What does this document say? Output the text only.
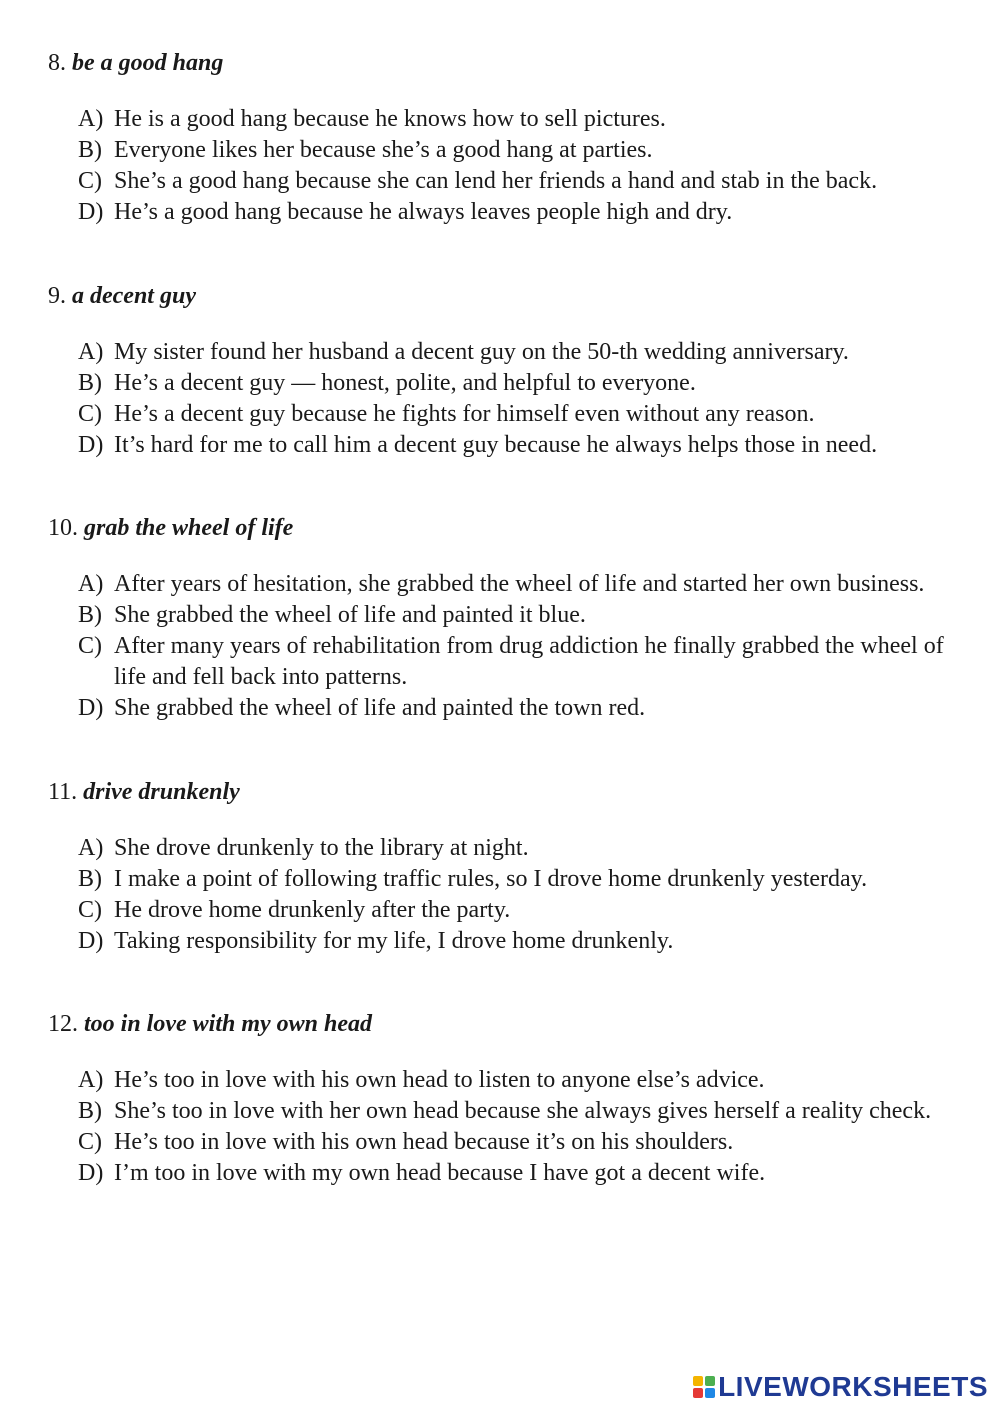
8. be a good hang

A) He is a good hang because he knows how to sell pictures.
B) Everyone likes her because she’s a good hang at parties.
C) She’s a good hang because she can lend her friends a hand and stab in the back.
D) He’s a good hang because he always leaves people high and dry.

9. a decent guy

A) My sister found her husband a decent guy on the 50-th wedding anniversary.
B) He’s a decent guy — honest, polite, and helpful to everyone.
C) He’s a decent guy because he fights for himself even without any reason.
D) It’s hard for me to call him a decent guy because he always helps those in need.

10. grab the wheel of life

A) After years of hesitation, she grabbed the wheel of life and started her own business.
B) She grabbed the wheel of life and painted it blue.
C) After many years of rehabilitation from drug addiction he finally grabbed the wheel of life and fell back into patterns.
D) She grabbed the wheel of life and painted the town red.

11. drive drunkenly

A) She drove drunkenly to the library at night.
B) I make a point of following traffic rules, so I drove home drunkenly yesterday.
C) He drove home drunkenly after the party.
D) Taking responsibility for my life, I drove home drunkenly.

12. too in love with my own head

A) He’s too in love with his own head to listen to anyone else’s advice.
B) She’s too in love with her own head because she always gives herself a reality check.
C) He’s too in love with his own head because it’s on his shoulders.
D) I’m too in love with my own head because I have got a decent wife.
LIVEWORKSHEETS
